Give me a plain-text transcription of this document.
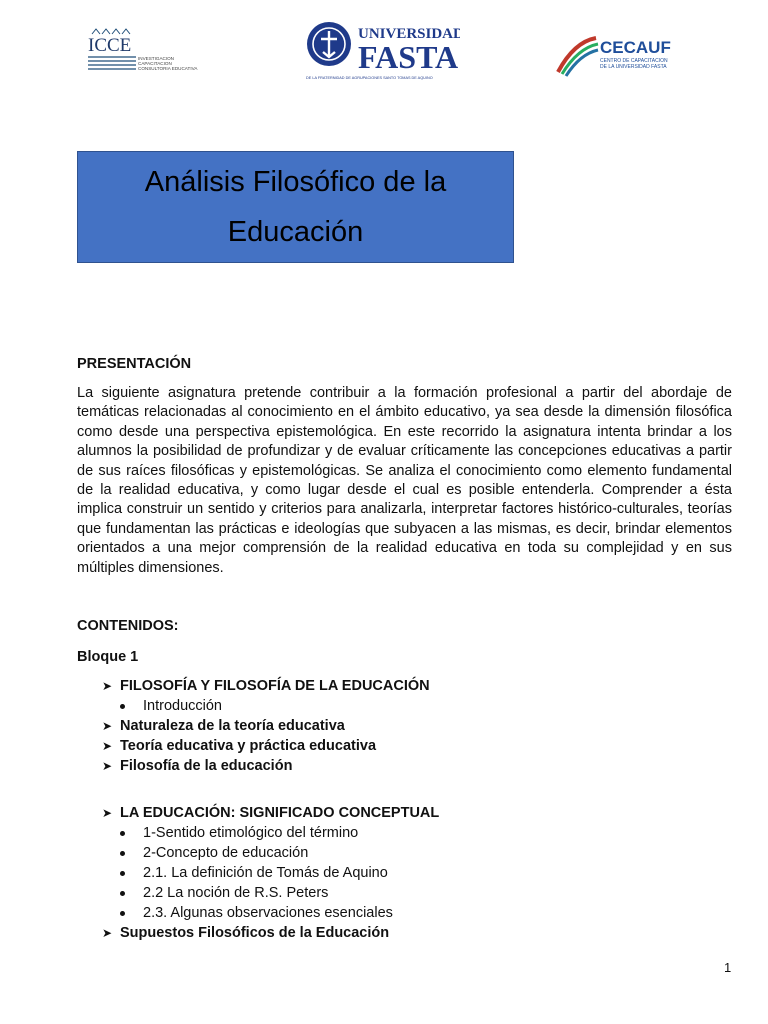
ICCE
INVESTIGACION
CAPACITACION
CONSULTORIA EDUCATIVA
UNIVERSIDAD
FASTA
DE LA FRATERNIDAD DE AGRUPACIONES SANTO TOMAS DE AQUINO
CECAUF
CENTRO DE CAPACITACION
DE LA UNIVERSIDAD FASTA
Análisis Filosófico de la
Educación
PRESENTACIÓN
La siguiente asignatura pretende contribuir a la formación profesional a partir del abordaje de temáticas relacionadas al conocimiento en el ámbito educativo, ya sea desde la dimensión filosófica como desde una perspectiva epistemológica. En este recorrido la asignatura intenta brindar a los alumnos la posibilidad de profundizar y de evaluar críticamente las concepciones educativas a partir de sus raíces filosóficas y epistemológicas. Se analiza el conocimiento como elemento fundamental de la realidad educativa, y como lugar desde el cual es posible entenderla. Comprender a ésta implica construir un sentido y criterios para analizarla, interpretar factores histórico-culturales, teorías que fundamentan las prácticas e ideologías que subyacen a las mismas, es decir, brindar elementos orientados a una mejor comprensión de la realidad educativa en toda su complejidad y en sus múltiples dimensiones.
CONTENIDOS:
Bloque 1
➤ FILOSOFÍA Y FILOSOFÍA DE LA EDUCACIÓN
Introducción
➤ Naturaleza de la teoría educativa
➤ Teoría educativa y práctica educativa
➤ Filosofía de la educación
➤ LA EDUCACIÓN: SIGNIFICADO CONCEPTUAL
1-Sentido etimológico del término
2-Concepto de educación
2.1. La definición de Tomás de Aquino
2.2 La noción de R.S. Peters
2.3. Algunas observaciones esenciales
➤ Supuestos Filosóficos de la Educación
1
